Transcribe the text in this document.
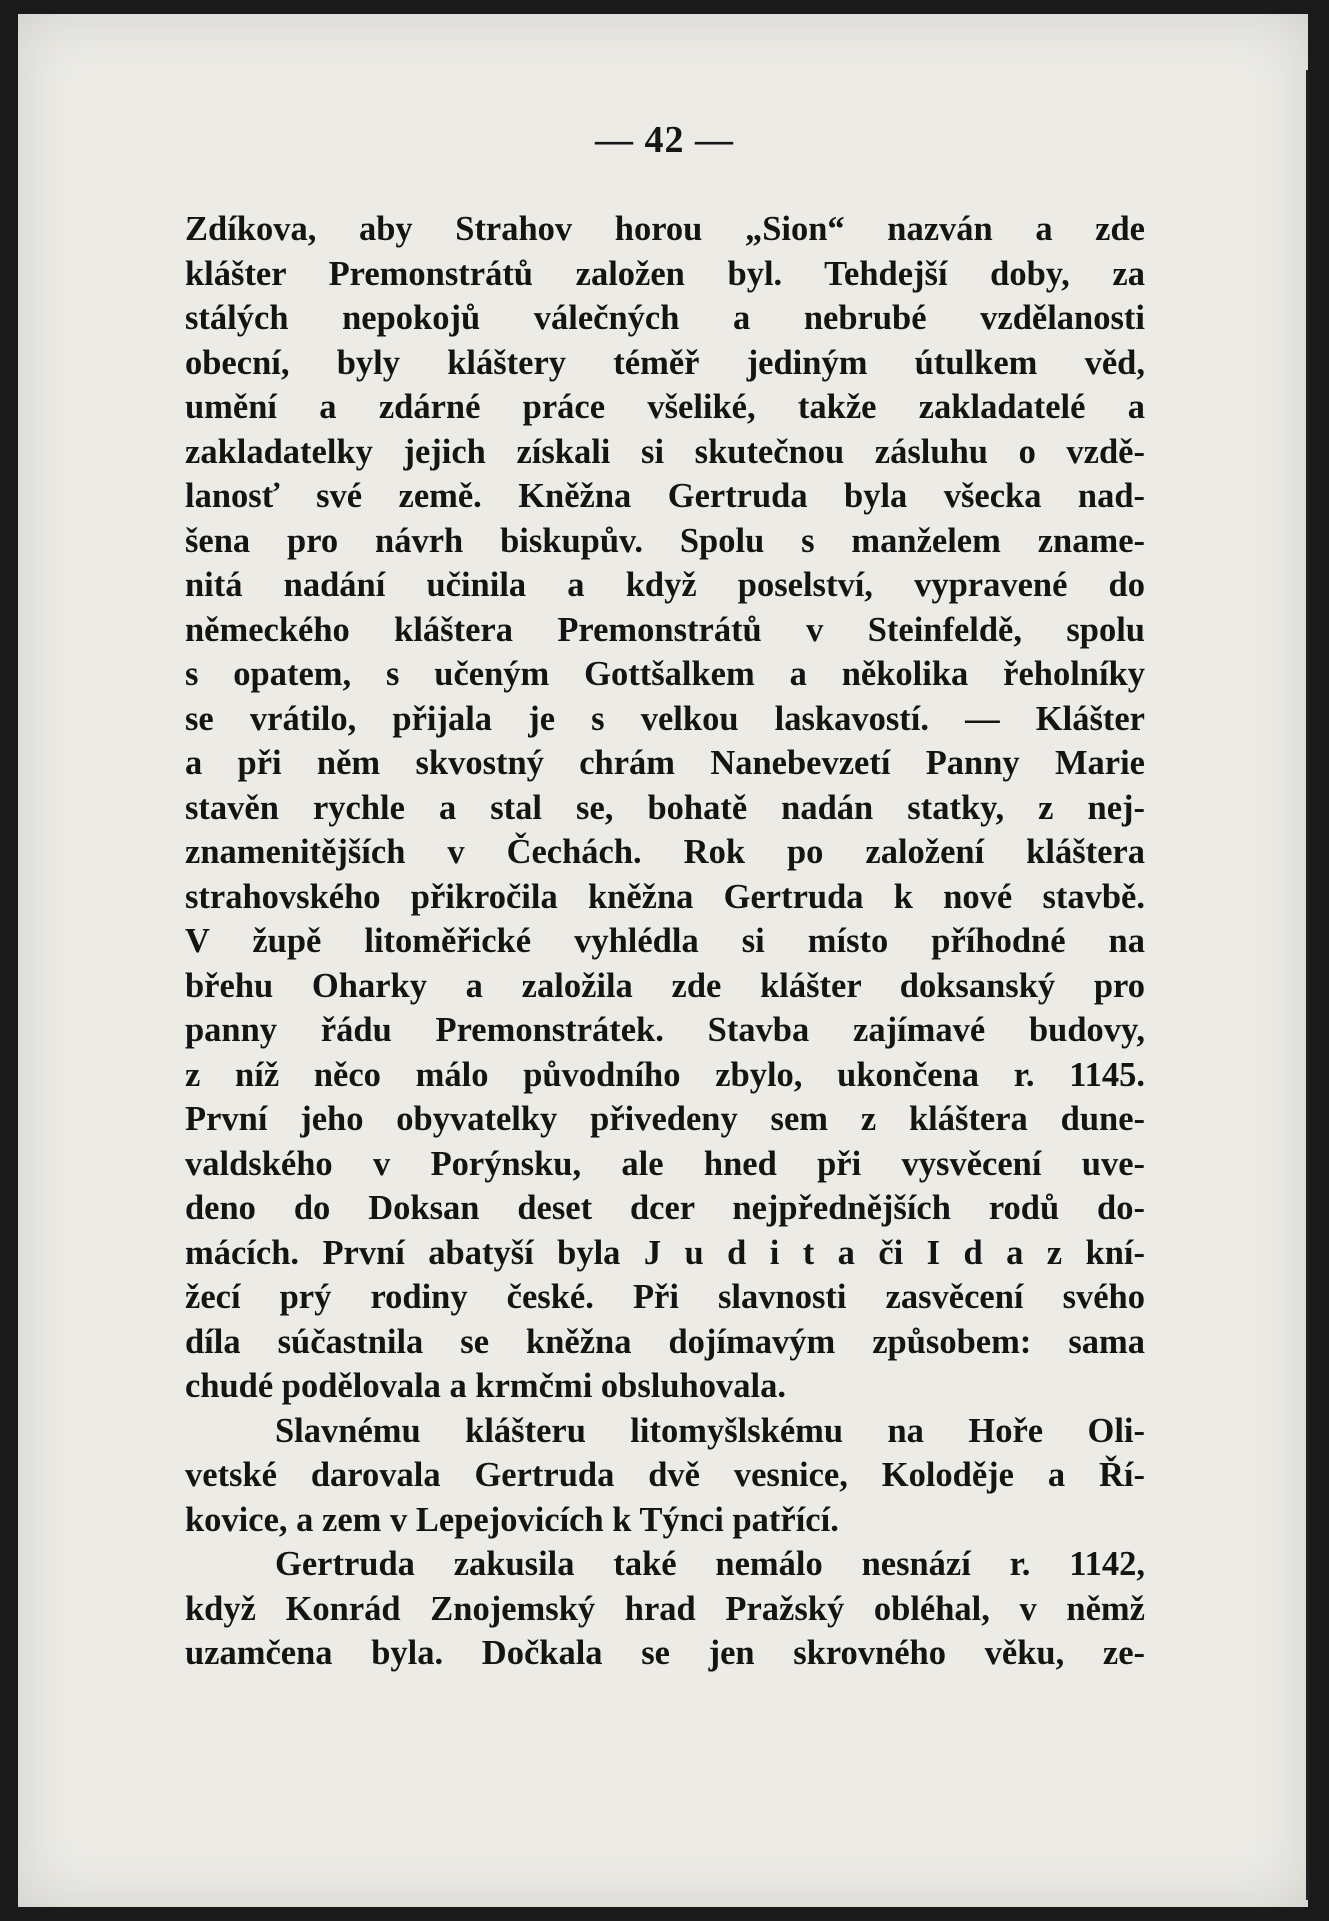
— 42 —
Zdíkova, aby Strahov horou „Sion“ nazván a zde
klášter Premonstrátů založen byl. Tehdejší doby, za
stálých nepokojů válečných a nebrubé vzdělanosti
obecní, byly kláštery téměř jediným útulkem věd,
umění a zdárné práce všeliké, takže zakladatelé a
zakladatelky jejich získali si skutečnou zásluhu o vzdě-
lanosť své země. Kněžna Gertruda byla všecka nad-
šena pro návrh biskupův. Spolu s manželem znamе-
nitá nadání učinila a když poselství, vypravené do
německého kláštera Premonstrátů v Steinfeldě, spolu
s opatem, s učeným Gottšalkem a několika řeholníky
se vrátilo, přijala je s velkou laskavostí. — Klášter
a při něm skvostný chrám Nanebevzetí Panny Marie
stavěn rychle a stal se, bohatě nadán statky, z nej-
znamenitějších v Čechách. Rok po založení kláštera
strahovského přikročila kněžna Gertruda k nové stavbě.
V župě litoměřické vyhlédla si místo příhodné na
břehu Oharky a založila zde klášter doksanský pro
panny řádu Premonstrátek. Stavba zajímavé budovy,
z níž něco málo původního zbylo, ukončena r. 1145.
První jeho obyvatelky přivedeny sem z kláštera dune-
valdského v Porýnsku, ale hned při vysvěcení uve-
deno do Doksan deset dcer nejpřednějších rodů do-
mácích. První abatyší byla J u d i t a či I d a z kní-
žecí prý rodiny české. Při slavnosti zasvěcení svého
díla súčastnila se kněžna dojímavým způsobem: sama
chudé podělovala a krmčmi obsluhovala.
Slavnému klášteru litomyšlskému na Hoře Oli-
vetské darovala Gertruda dvě vesnice, Koloděje a Ří-
kovice, a zem v Lepejovicích k Týnci patřící.
Gertruda zakusila také nemálo nesnází r. 1142,
když Konrád Znojemský hrad Pražský obléhal, v němž
uzamčena byla. Dočkala se jen skrovného věku, ze-
